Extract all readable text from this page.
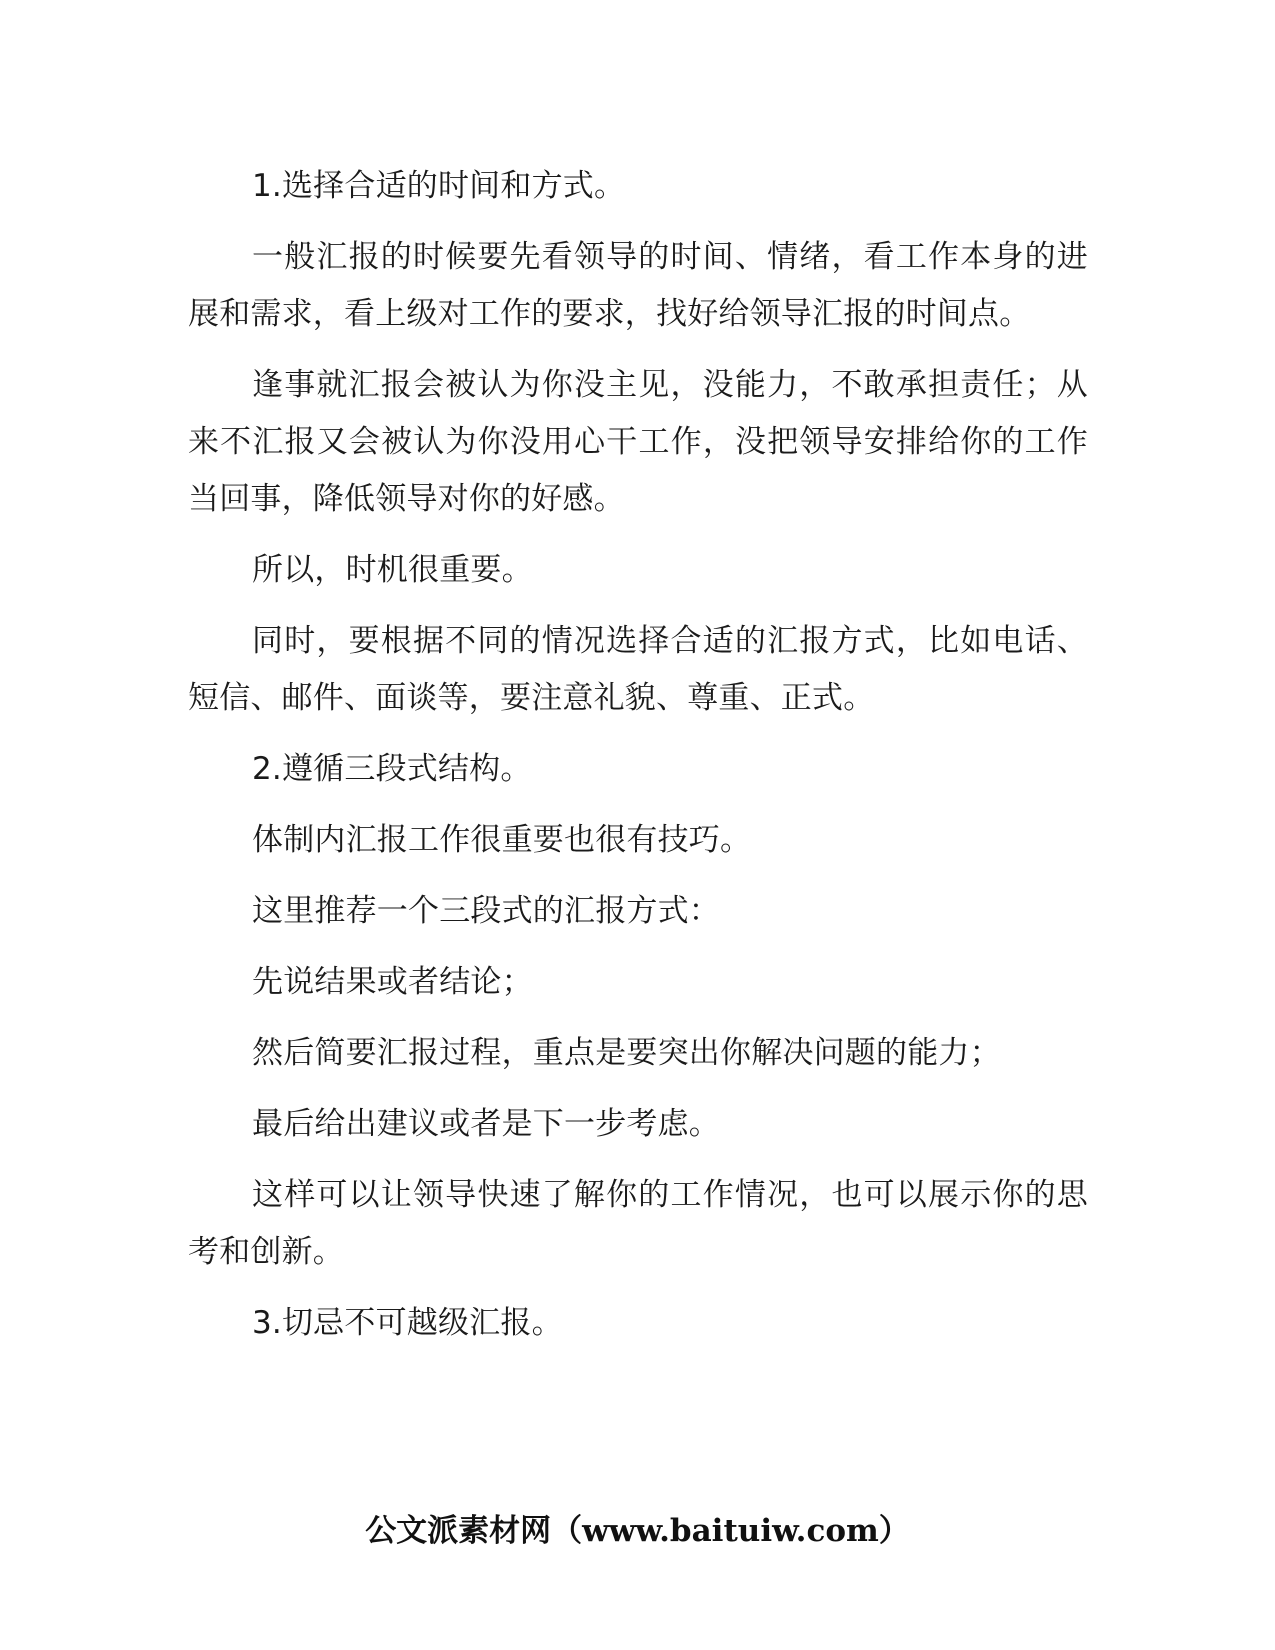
1.选择合适的时间和方式。

一般汇报的时候要先看领导的时间、情绪，看工作本身的进展和需求，看上级对工作的要求，找好给领导汇报的时间点。

逢事就汇报会被认为你没主见，没能力，不敢承担责任；从来不汇报又会被认为你没用心干工作，没把领导安排给你的工作当回事，降低领导对你的好感。

所以，时机很重要。

同时，要根据不同的情况选择合适的汇报方式，比如电话、短信、邮件、面谈等，要注意礼貌、尊重、正式。

2.遵循三段式结构。

体制内汇报工作很重要也很有技巧。

这里推荐一个三段式的汇报方式：

先说结果或者结论；

然后简要汇报过程，重点是要突出你解决问题的能力；

最后给出建议或者是下一步考虑。

这样可以让领导快速了解你的工作情况，也可以展示你的思考和创新。

3.切忌不可越级汇报。

公文派素材网（www.baituiw.com）
